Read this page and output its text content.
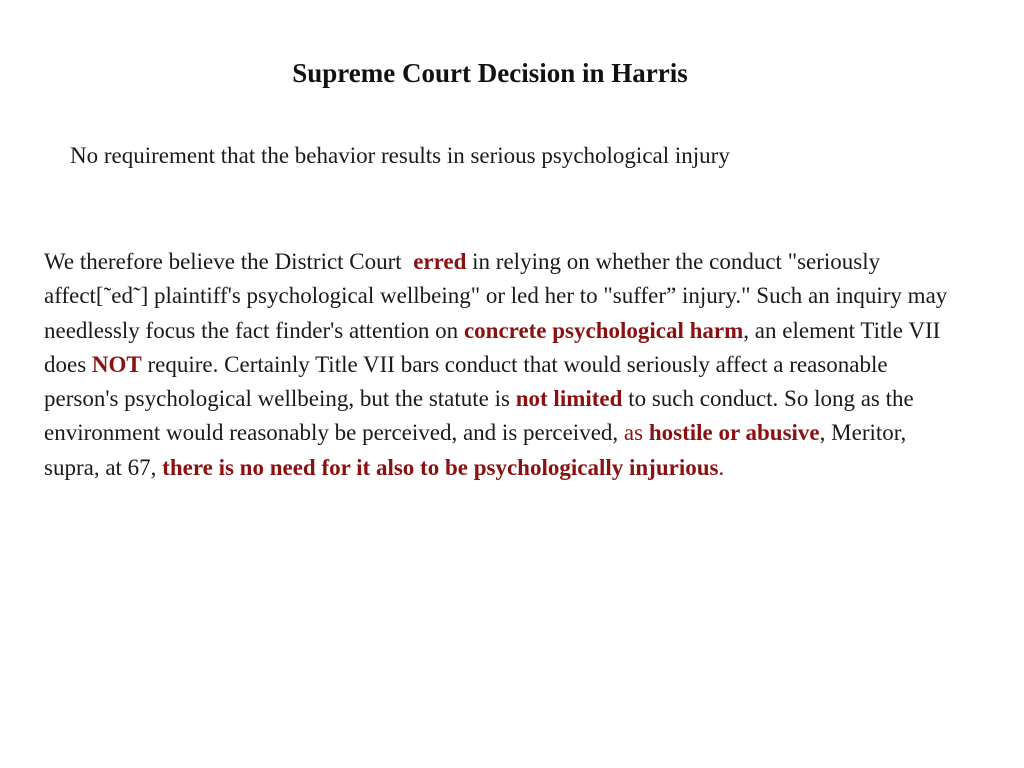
Supreme Court Decision in Harris

No requirement that the behavior results in serious psychological injury

We therefore believe the District Court  erred in relying on whether the conduct "seriously affect[˜ed˜] plaintiff's psychological wellbeing" or led her to "suffer” injury." Such an inquiry may needlessly focus the fact finder's attention on concrete psychological harm, an element Title VII does NOT require. Certainly Title VII bars conduct that would seriously affect a reasonable person's psychological wellbeing, but the statute is not limited to such conduct. So long as the environment would reasonably be perceived, and is perceived, as hostile or abusive, Meritor, supra, at 67, there is no need for it also to be psychologically injurious.
